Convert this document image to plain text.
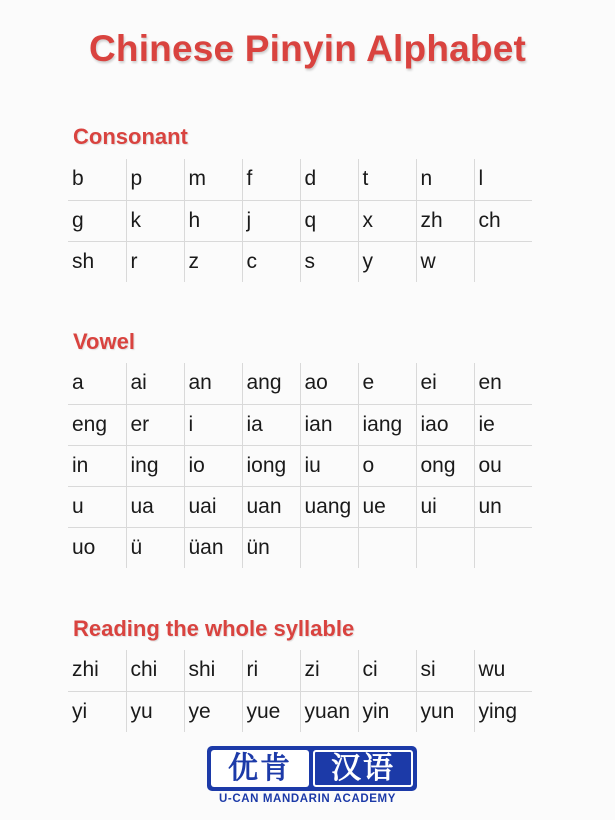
Chinese Pinyin Alphabet
Consonant
b	p	m	f	d	t	n	l
g	k	h	j	q	x	zh	ch
sh	r	z	c	s	y	w	
Vowel
a	ai	an	ang	ao	e	ei	en
eng	er	i	ia	ian	iang	iao	ie
in	ing	io	iong	iu	o	ong	ou
u	ua	uai	uan	uang	ue	ui	un
uo	ü	üan	ün				
Reading the whole syllable
zhi	chi	shi	ri	zi	ci	si	wu
yi	yu	ye	yue	yuan	yin	yun	ying
优肯	汉语
U-CAN MANDARIN ACADEMY
